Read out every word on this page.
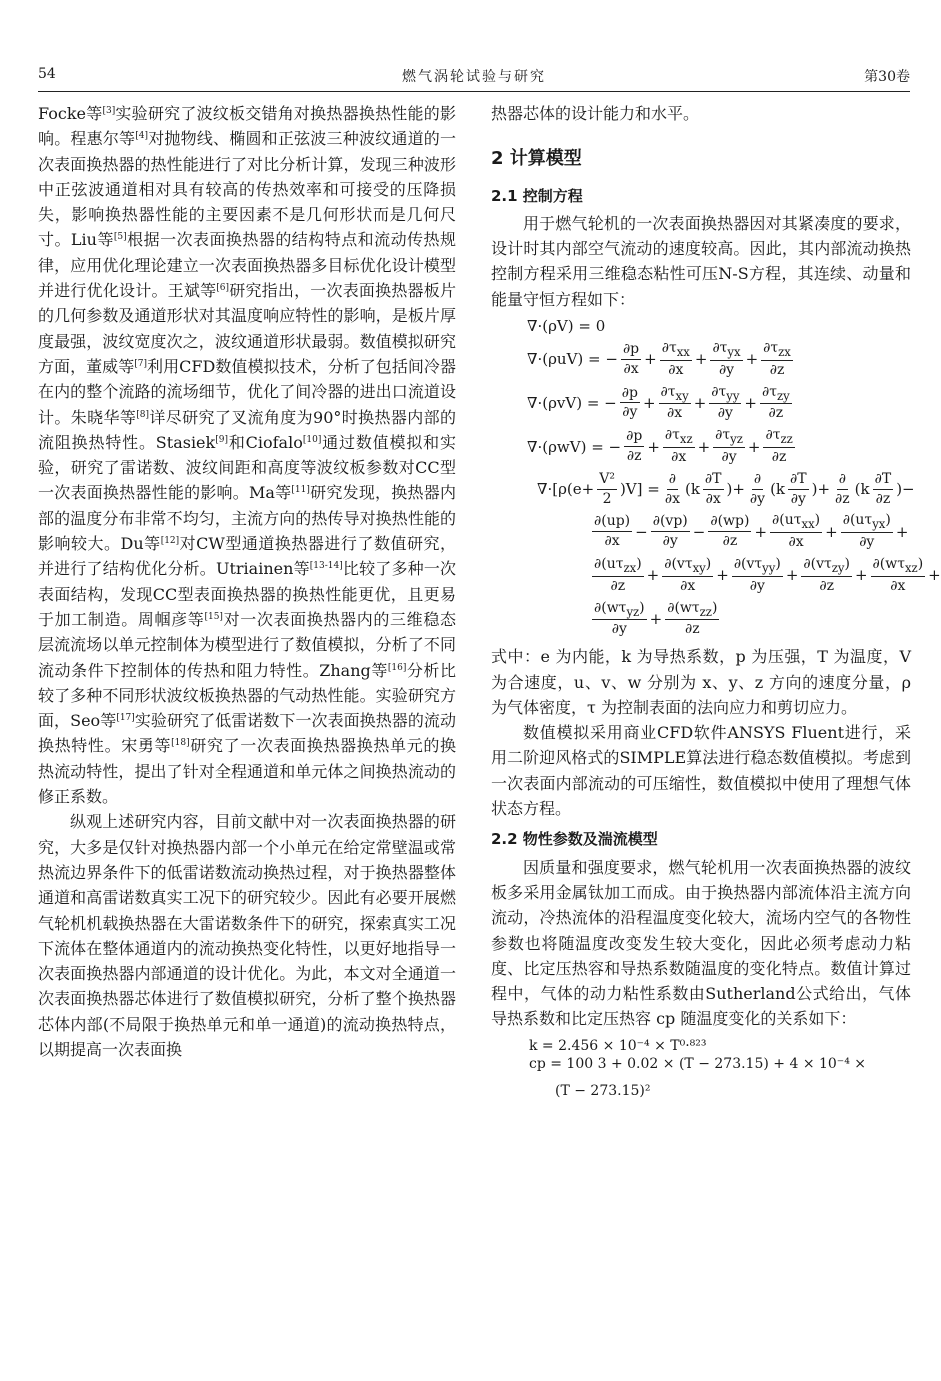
54	燃气涡轮试验与研究	第30卷

Focke等[3]实验研究了波纹板交错角对换热器换热性能的影响。程惠尔等[4]对抛物线、椭圆和正弦波三种波纹通道的一次表面换热器的热性能进行了对比分析计算，发现三种波形中正弦波通道相对具有较高的传热效率和可接受的压降损失，影响换热器性能的主要因素不是几何形状而是几何尺寸。Liu等[5]根据一次表面换热器的结构特点和流动传热规律，应用优化理论建立一次表面换热器多目标优化设计模型并进行优化设计。王斌等[6]研究指出，一次表面换热器板片的几何参数及通道形状对其温度响应特性的影响，是板片厚度最强，波纹宽度次之，波纹通道形状最弱。数值模拟研究方面，董威等[7]利用CFD数值模拟技术，分析了包括间冷器在内的整个流路的流场细节，优化了间冷器的进出口流道设计。朱晓华等[8]详尽研究了叉流角度为90°时换热器内部的流阻换热特性。Stasiek[9]和Ciofalo[10]通过数值模拟和实验，研究了雷诺数、波纹间距和高度等波纹板参数对CC型一次表面换热器性能的影响。Ma等[11]研究发现，换热器内部的温度分布非常不均匀，主流方向的热传导对换热性能的影响较大。Du等[12]对CW型通道换热器进行了数值研究，并进行了结构优化分析。Utriainen等[13-14]比较了多种一次表面结构，发现CC型表面换热器的换热性能更优，且更易于加工制造。周帼彦等[15]对一次表面换热器内的三维稳态层流流场以单元控制体为模型进行了数值模拟，分析了不同流动条件下控制体的传热和阻力特性。Zhang等[16]分析比较了多种不同形状波纹板换热器的气动热性能。实验研究方面，Seo等[17]实验研究了低雷诺数下一次表面换热器的流动换热特性。宋勇等[18]研究了一次表面换热器换热单元的换热流动特性，提出了针对全程通道和单元体之间换热流动的修正系数。

纵观上述研究内容，目前文献中对一次表面换热器的研究，大多是仅针对换热器内部一个小单元在给定常壁温或常热流边界条件下的低雷诺数流动换热过程，对于换热器整体通道和高雷诺数真实工况下的研究较少。因此有必要开展燃气轮机机载换热器在大雷诺数条件下的研究，探索真实工况下流体在整体通道内的流动换热变化特性，以更好地指导一次表面换热器内部通道的设计优化。为此，本文对全通道一次表面换热器芯体进行了数值模拟研究，分析了整个换热器芯体内部(不局限于换热单元和单一通道)的流动换热特点，以期提高一次表面换

热器芯体的设计能力和水平。

2 计算模型
2.1 控制方程

用于燃气轮机的一次表面换热器因对其紧凑度的要求，设计时其内部空气流动的速度较高。因此，其内部流动换热控制方程采用三维稳态粘性可压N-S方程，其连续、动量和能量守恒方程如下：

∇·(ρV) = 0
∇·(ρuV) = − $\frac{\partial p}{\partial x} + \frac{\partial\tau_{xx}}{\partial x} + \frac{\partial\tau_{yx}}{\partial y} + \frac{\partial\tau_{zx}}{\partial z}$
∇·(ρvV) = − $\frac{\partial p}{\partial y} + \frac{\partial\tau_{xy}}{\partial x} + \frac{\partial\tau_{yy}}{\partial y} + \frac{\partial\tau_{zy}}{\partial z}$
∇·(ρwV) = − $\frac{\partial p}{\partial z} + \frac{\partial\tau_{xz}}{\partial x} + \frac{\partial\tau_{yz}}{\partial y} + \frac{\partial\tau_{zz}}{\partial z}$
$\nabla\cdot[\rho(e+ \frac{\text{V²}}{2} )V] = \frac{\partial}{\partial x} (k \frac{\partial T}{\partial x}$ )+ $\frac{\partial}{\partial y} (k \frac{\partial T}{\partial y}$ )+ $\frac{\partial}{\partial z} (k \frac{\partial T}{\partial z}$ )−
$\frac{\partial(up)}{\partial x} - \frac{\partial(vp)}{\partial y} - \frac{\partial(wp)}{\partial z} + \frac{\partial(u\tau_{xx})}{\partial x} + \frac{\partial(u\tau_{yx})}{\partial y}$ +
$\frac{\partial(u\tau_{zx})}{\partial z} + \frac{\partial(v\tau_{xy})}{\partial x} + \frac{\partial(v\tau_{yy})}{\partial y} + \frac{\partial(v\tau_{zy})}{\partial z} + \frac{\partial(w\tau_{xz})}{\partial x}$ +
$\frac{\partial(w\tau_{yz})}{\partial y} + \frac{\partial(w\tau_{zz})}{\partial z}$

式中：e 为内能，k 为导热系数，p 为压强，T 为温度，V 为合速度，u、v、w 分别为 x、y、z 方向的速度分量，ρ 为气体密度，τ 为控制表面的法向应力和剪切应力。

数值模拟采用商业CFD软件ANSYS Fluent进行，采用二阶迎风格式的SIMPLE算法进行稳态数值模拟。考虑到一次表面内部流动的可压缩性，数值模拟中使用了理想气体状态方程。

2.2 物性参数及湍流模型

因质量和强度要求，燃气轮机用一次表面换热器的波纹板多采用金属钛加工而成。由于换热器内部流体沿主流方向流动，冷热流体的沿程温度变化较大，流场内空气的各物性参数也将随温度改变发生较大变化，因此必须考虑动力粘度、比定压热容和导热系数随温度的变化特点。数值计算过程中，气体的动力粘性系数由Sutherland公式给出，气体导热系数和比定压热容 cp 随温度变化的关系如下：

k = 2.456 × 10⁻⁴ × T⁰·⁸²³
cp = 100 3 + 0.02 × (T − 273.15) + 4 × 10⁻⁴ ×
(T − 273.15)²
